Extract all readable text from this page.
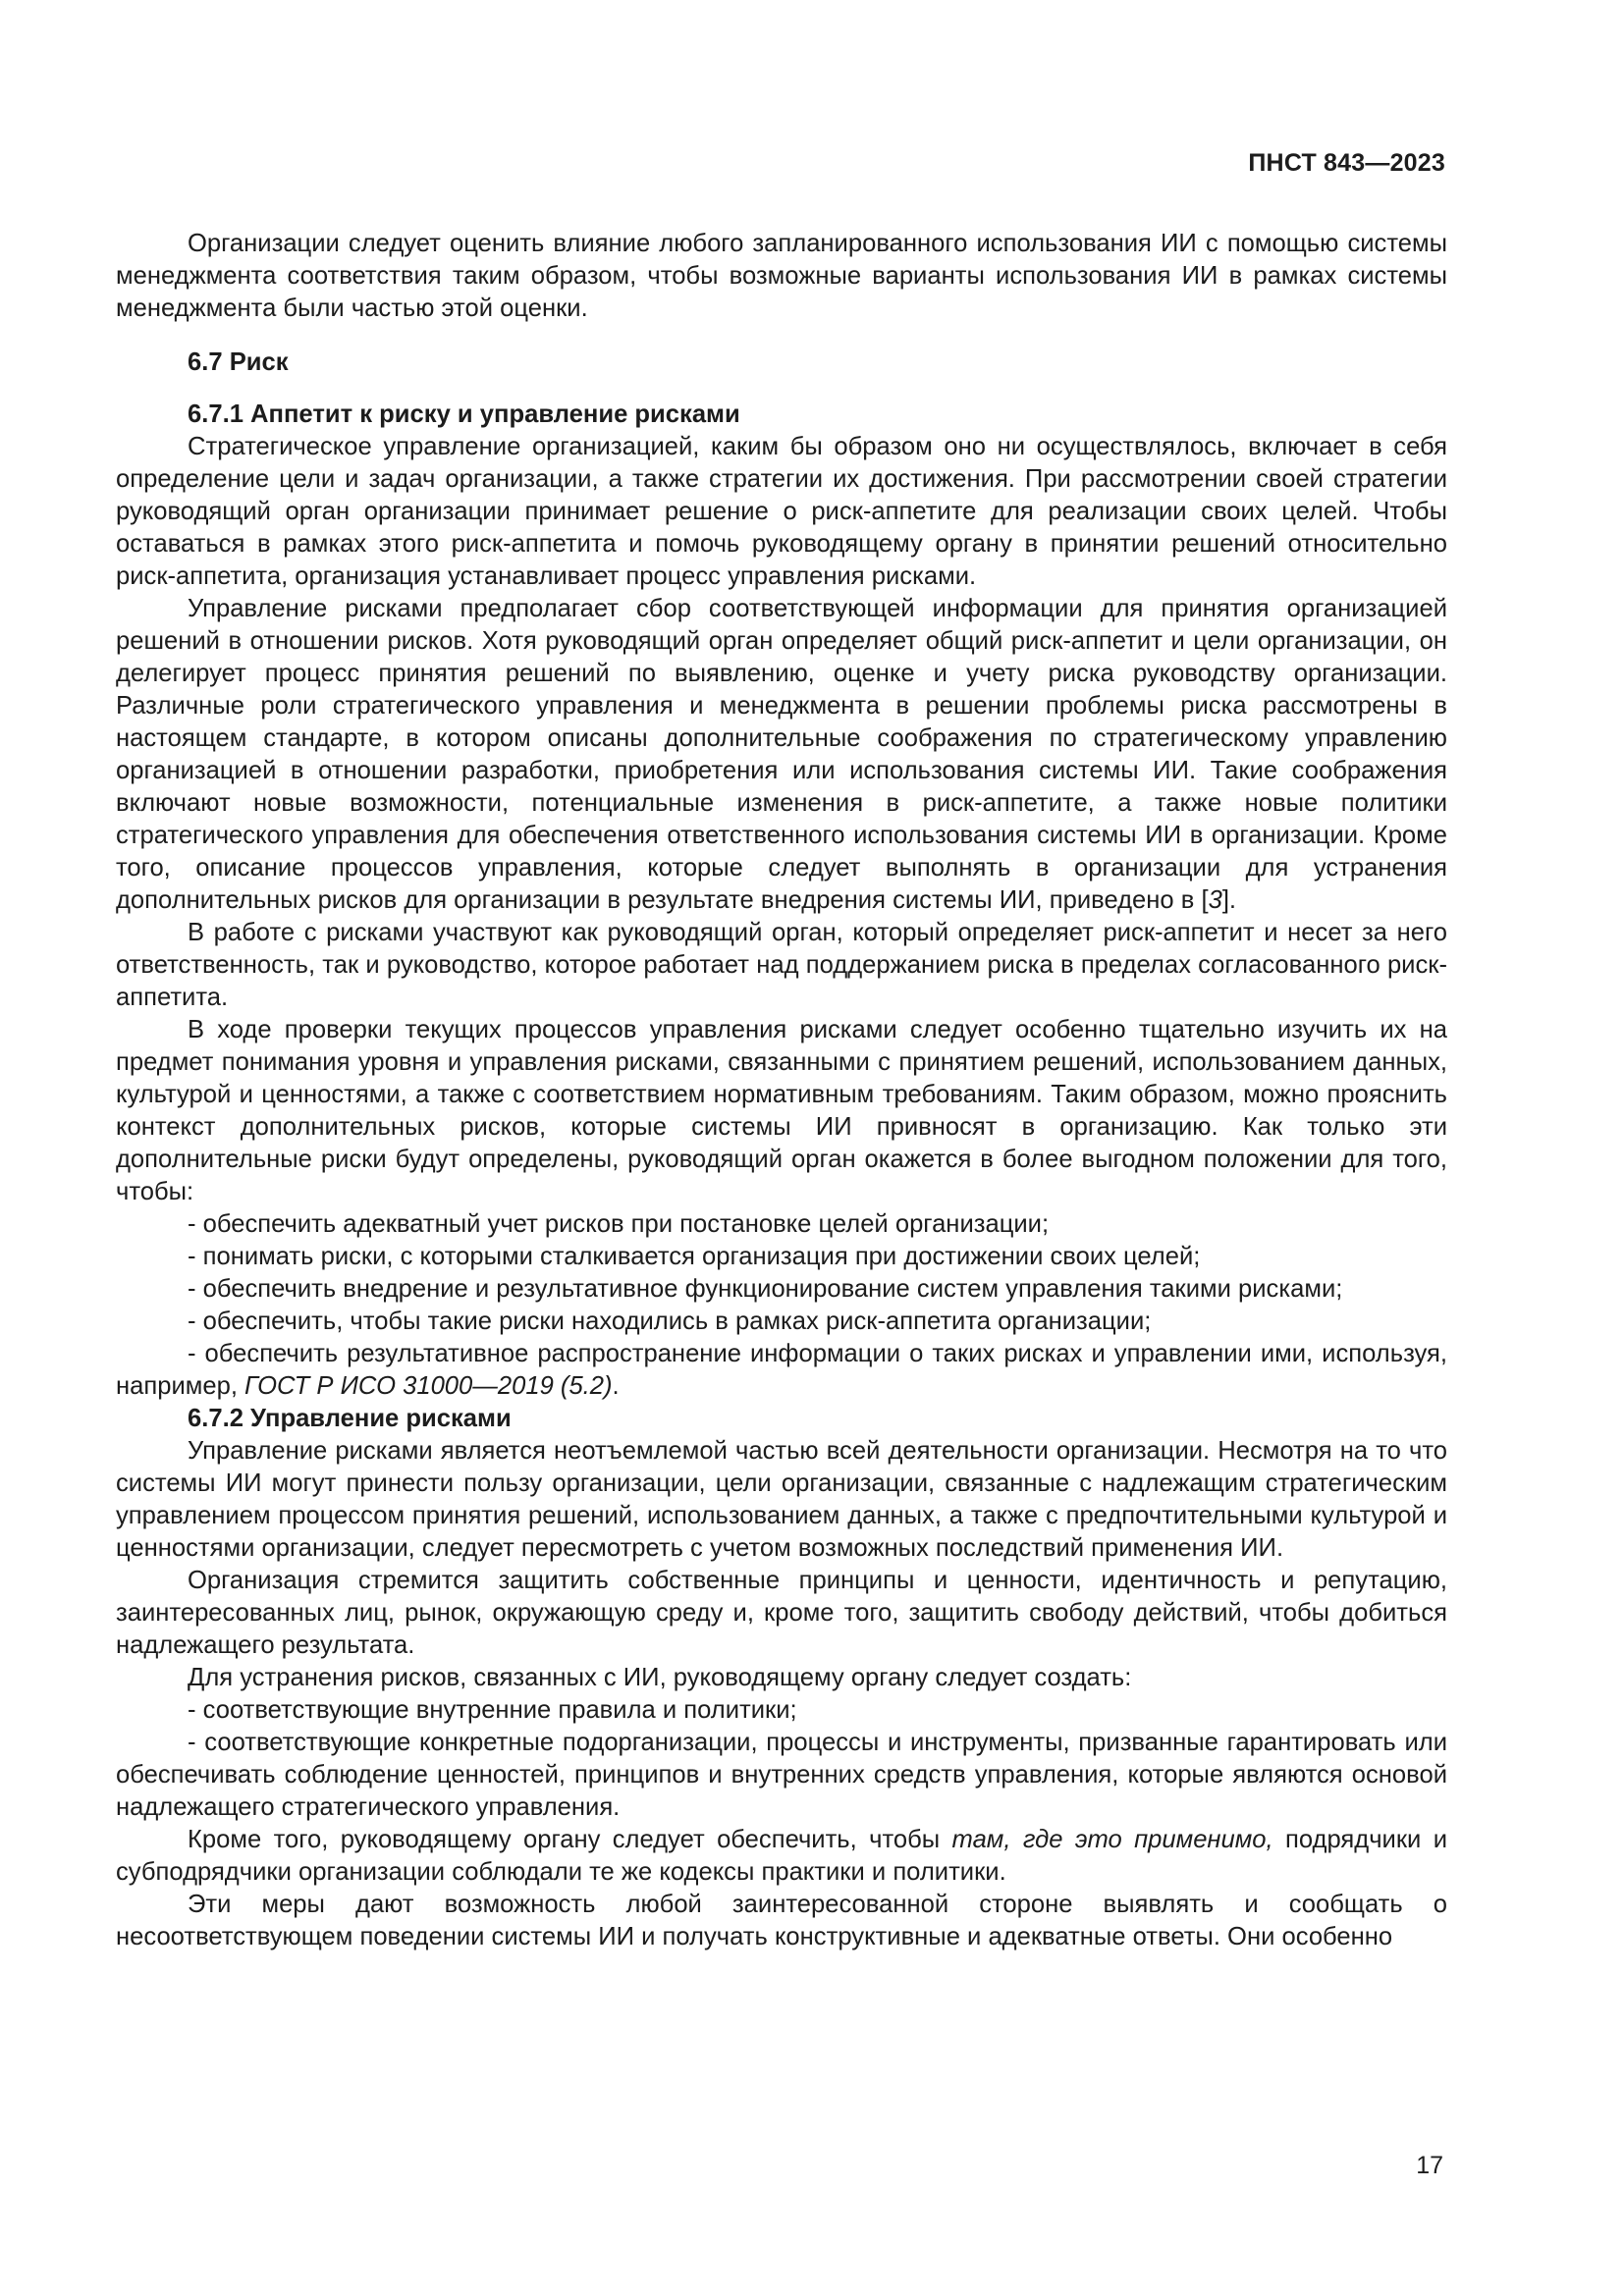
ПНСТ 843—2023

Организации следует оценить влияние любого запланированного использования ИИ с помощью системы менеджмента соответствия таким образом, чтобы возможные варианты использования ИИ в рамках системы менеджмента были частью этой оценки.

6.7 Риск
6.7.1 Аппетит к риску и управление рисками

Стратегическое управление организацией, каким бы образом оно ни осуществлялось, включает в себя определение цели и задач организации, а также стратегии их достижения. При рассмотрении своей стратегии руководящий орган организации принимает решение о риск-аппетите для реализации своих целей. Чтобы оставаться в рамках этого риск-аппетита и помочь руководящему органу в принятии решений относительно риск-аппетита, организация устанавливает процесс управления рисками.

Управление рисками предполагает сбор соответствующей информации для принятия организацией решений в отношении рисков. Хотя руководящий орган определяет общий риск-аппетит и цели организации, он делегирует процесс принятия решений по выявлению, оценке и учету риска руководству организации. Различные роли стратегического управления и менеджмента в решении проблемы риска рассмотрены в настоящем стандарте, в котором описаны дополнительные соображения по стратегическому управлению организацией в отношении разработки, приобретения или использования системы ИИ. Такие соображения включают новые возможности, потенциальные изменения в риск-аппетите, а также новые политики стратегического управления для обеспечения ответственного использования системы ИИ в организации. Кроме того, описание процессов управления, которые следует выполнять в организации для устранения дополнительных рисков для организации в результате внедрения системы ИИ, приведено в [3].

В работе с рисками участвуют как руководящий орган, который определяет риск-аппетит и несет за него ответственность, так и руководство, которое работает над поддержанием риска в пределах согласованного риск-аппетита.

В ходе проверки текущих процессов управления рисками следует особенно тщательно изучить их на предмет понимания уровня и управления рисками, связанными с принятием решений, использованием данных, культурой и ценностями, а также с соответствием нормативным требованиям. Таким образом, можно прояснить контекст дополнительных рисков, которые системы ИИ привносят в организацию. Как только эти дополнительные риски будут определены, руководящий орган окажется в более выгодном положении для того, чтобы:

- обеспечить адекватный учет рисков при постановке целей организации;
- понимать риски, с которыми сталкивается организация при достижении своих целей;
- обеспечить внедрение и результативное функционирование систем управления такими рисками;
- обеспечить, чтобы такие риски находились в рамках риск-аппетита организации;
- обеспечить результативное распространение информации о таких рисках и управлении ими, используя, например, ГОСТ Р ИСО 31000—2019 (5.2).
6.7.2 Управление рисками

Управление рисками является неотъемлемой частью всей деятельности организации. Несмотря на то что системы ИИ могут принести пользу организации, цели организации, связанные с надлежащим стратегическим управлением процессом принятия решений, использованием данных, а также с предпочтительными культурой и ценностями организации, следует пересмотреть с учетом возможных последствий применения ИИ.

Организация стремится защитить собственные принципы и ценности, идентичность и репутацию, заинтересованных лиц, рынок, окружающую среду и, кроме того, защитить свободу действий, чтобы добиться надлежащего результата.

Для устранения рисков, связанных с ИИ, руководящему органу следует создать:

- соответствующие внутренние правила и политики;
- соответствующие конкретные подорганизации, процессы и инструменты, призванные гарантировать или обеспечивать соблюдение ценностей, принципов и внутренних средств управления, которые являются основой надлежащего стратегического управления.

Кроме того, руководящему органу следует обеспечить, чтобы там, где это применимо, подрядчики и субподрядчики организации соблюдали те же кодексы практики и политики.

Эти меры дают возможность любой заинтересованной стороне выявлять и сообщать о несоответствующем поведении системы ИИ и получать конструктивные и адекватные ответы. Они особенно

17
